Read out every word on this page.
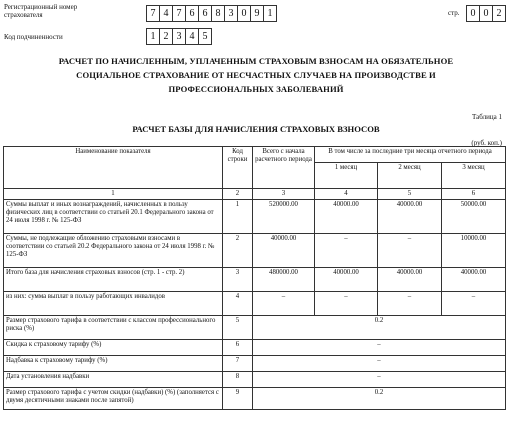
Регистрационный номер страхователя	7 4 7 6 6 8 3 0 9 1	стр.	0 0 2
Код подчиненности	1 2 3 4 5
РАСЧЕТ ПО НАЧИСЛЕННЫМ, УПЛАЧЕННЫМ СТРАХОВЫМ ВЗНОСАМ НА ОБЯЗАТЕЛЬНОЕ
СОЦИАЛЬНОЕ СТРАХОВАНИЕ ОТ НЕСЧАСТНЫХ СЛУЧАЕВ НА ПРОИЗВОДСТВЕ И
ПРОФЕССИОНАЛЬНЫХ ЗАБОЛЕВАНИЙ
Таблица 1
РАСЧЕТ БАЗЫ ДЛЯ НАЧИСЛЕНИЯ СТРАХОВЫХ ВЗНОСОВ
(руб. коп.)
Наименование показателя	Код строки	Всего с начала расчетного периода	В том числе за последние три месяца отчетного периода		
			1 месяц	2 месяц	3 месяц
1	2	3	4	5	6
Суммы выплат и иных вознаграждений, начисленных в пользу физических лиц в соответствии со статьей 20.1 Федерального закона от 24 июля 1998 г. № 125-ФЗ	1	520000.00	40000.00	40000.00	50000.00
Суммы, не подлежащие обложению страховыми взносами в соответствии со статьей 20.2 Федерального закона от 24 июля 1998 г. № 125-ФЗ	2	40000.00	–	–	10000.00
Итого база для начисления страховых взносов (стр. 1 - стр. 2)	3	480000.00	40000.00	40000.00	40000.00
из них: сумма выплат в пользу работающих инвалидов	4	–	–	–	–
Размер страхового тарифа в соответствии с классом профессионального риска (%)	5	0.2			
Скидка к страховому тарифу (%)	6	–			
Надбавка к страховому тарифу (%)	7	–			
Дата установления надбавки	8	–			
Размер страхового тарифа с учетом скидки (надбавки) (%) (заполняется с двумя десятичными знаками после запятой)	9	0.2			
